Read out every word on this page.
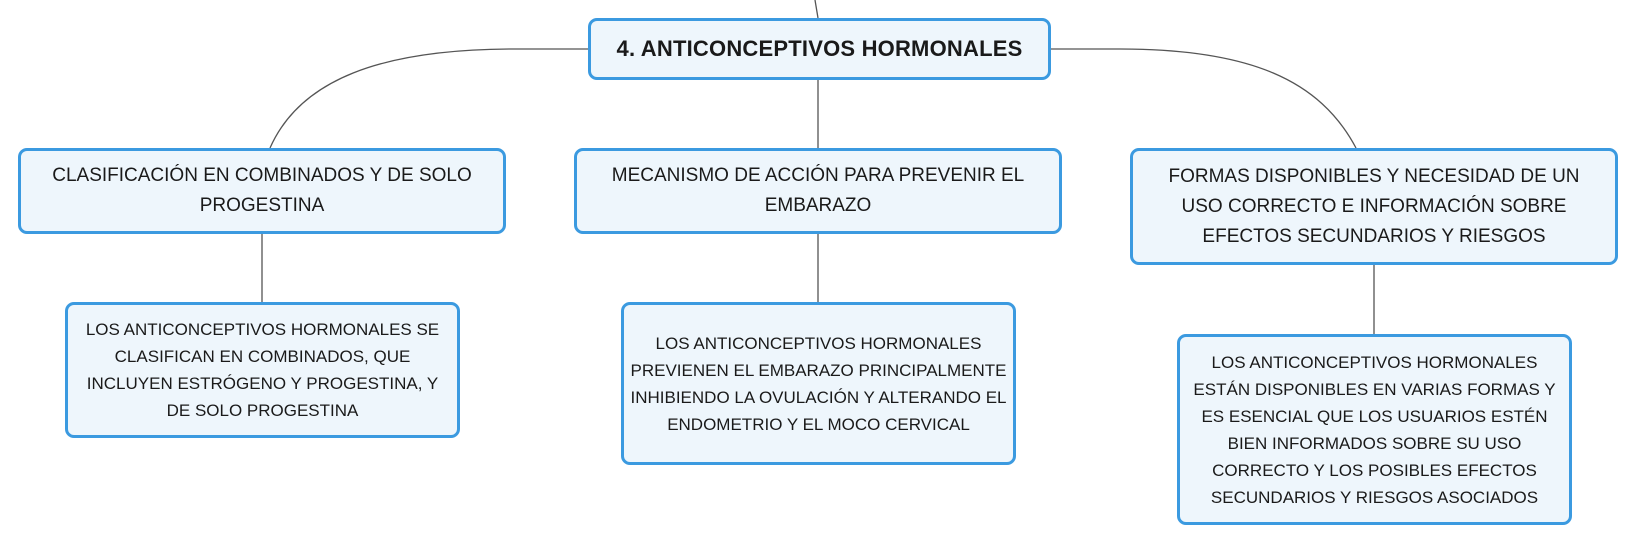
4. ANTICONCEPTIVOS HORMONALES
CLASIFICACIÓN EN COMBINADOS Y DE SOLO PROGESTINA
MECANISMO DE ACCIÓN PARA PREVENIR EL EMBARAZO
FORMAS DISPONIBLES Y NECESIDAD DE UN USO CORRECTO E INFORMACIÓN SOBRE EFECTOS SECUNDARIOS Y RIESGOS
LOS ANTICONCEPTIVOS HORMONALES SE CLASIFICAN EN COMBINADOS, QUE INCLUYEN ESTRÓGENO Y PROGESTINA, Y DE SOLO PROGESTINA
LOS ANTICONCEPTIVOS HORMONALES PREVIENEN EL EMBARAZO PRINCIPALMENTE INHIBIENDO LA OVULACIÓN Y ALTERANDO EL ENDOMETRIO Y EL MOCO CERVICAL
LOS ANTICONCEPTIVOS HORMONALES ESTÁN DISPONIBLES EN VARIAS FORMAS Y ES ESENCIAL QUE LOS USUARIOS ESTÉN BIEN INFORMADOS SOBRE SU USO CORRECTO Y LOS POSIBLES EFECTOS SECUNDARIOS Y RIESGOS ASOCIADOS
